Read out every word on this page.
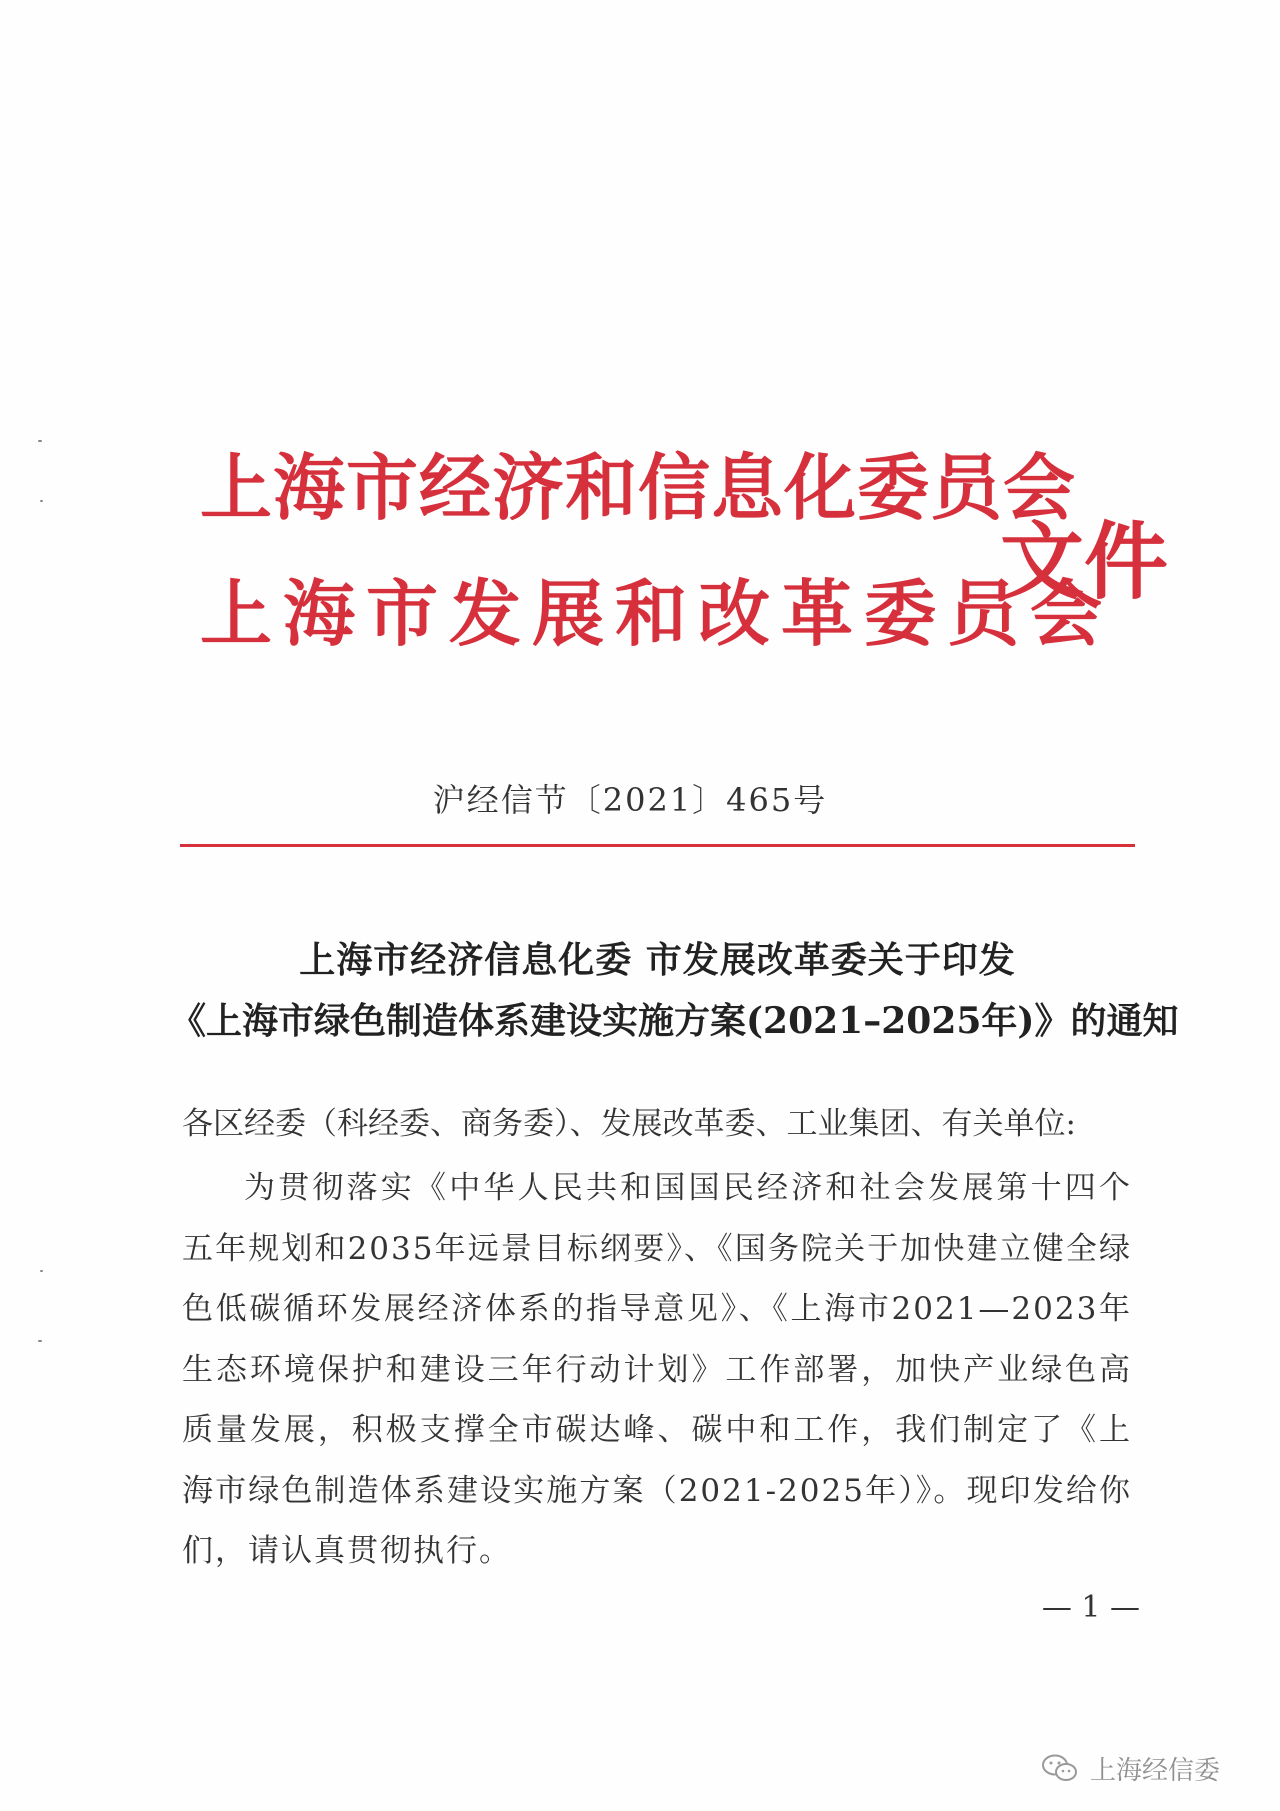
上海市经济和信息化委员会
上海市发展和改革委员会
文件
沪经信节〔2021〕465号
上海市经济信息化委 市发展改革委关于印发
《上海市绿色制造体系建设实施方案(2021–2025年)》的通知
各区经委（科经委、商务委）、发展改革委、工业集团、有关单位:
为贯彻落实《中华人民共和国国民经济和社会发展第十四个五年规划和2035年远景目标纲要》、《国务院关于加快建立健全绿色低碳循环发展经济体系的指导意见》、《上海市2021—2023年生态环境保护和建设三年行动计划》工作部署，加快产业绿色高质量发展，积极支撑全市碳达峰、碳中和工作，我们制定了《上海市绿色制造体系建设实施方案（2021-2025年）》。现印发给你们，请认真贯彻执行。
— 1 —
上海经信委
